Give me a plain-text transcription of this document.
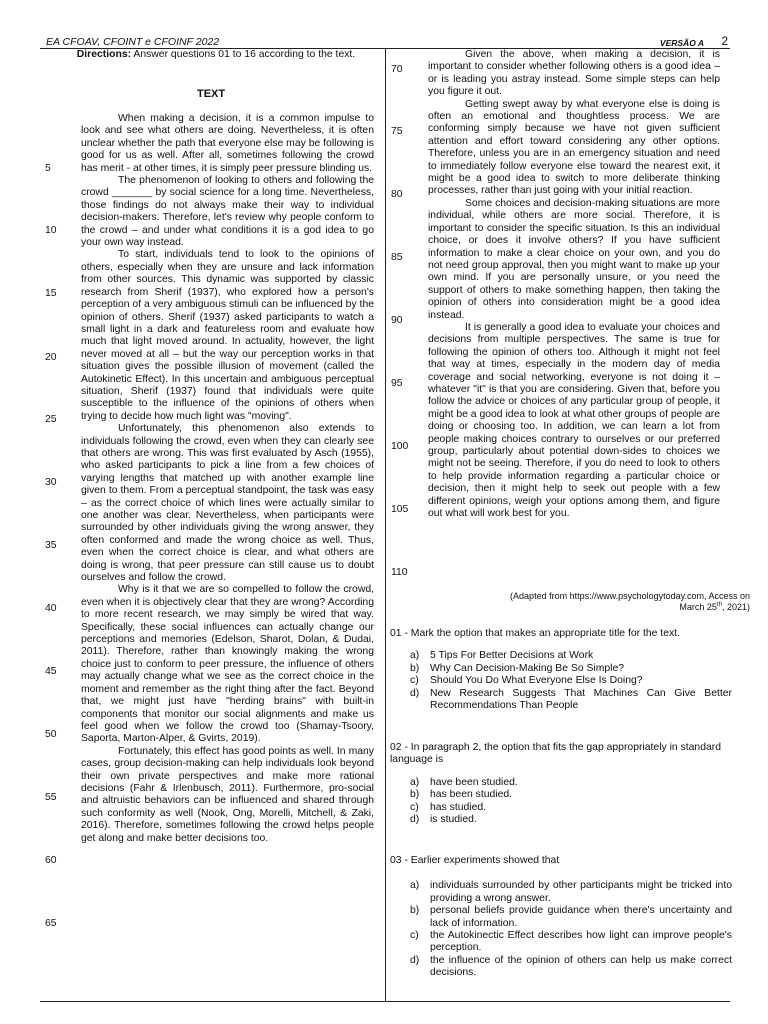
EA CFOAV, CFOINT e CFOINF 2022	VERSÃO A 2
Directions: Answer questions 01 to 16 according to the text.
TEXT
5
10
15
20
25
30
35
40
45
50
55
60
65
70
75
80
85
90
95
100
105
110

When making a decision, it is a common impulse to look and see what others are doing. Nevertheless, it is often unclear whether the path that everyone else may be following is good for us as well. After all, sometimes following the crowd has merit - at other times, it is simply peer pressure blinding us.

The phenomenon of looking to others and following the crowd _______ by social science for a long time. Nevertheless, those findings do not always make their way to individual decision-makers. Therefore, let's review why people conform to the crowd – and under what conditions it is a god idea to go your own way instead.

To start, individuals tend to look to the opinions of others, especially when they are unsure and lack information from other sources. This dynamic was supported by classic research from Sherif (1937), who explored how a person's perception of a very ambiguous stimuli can be influenced by the opinion of others. Sherif (1937) asked participants to watch a small light in a dark and featureless room and evaluate how much that light moved around. In actuality, however, the light never moved at all – but the way our perception works in that situation gives the possible illusion of movement (called the Autokinetic Effect). In this uncertain and ambiguous perceptual situation, Sherif (1937) found that individuals were quite susceptible to the influence of the opinions of others when trying to decide how much light was "moving".

Unfortunately, this phenomenon also extends to individuals following the crowd, even when they can clearly see that others are wrong. This was first evaluated by Asch (1955), who asked participants to pick a line from a few choices of varying lengths that matched up with another example line given to them. From a perceptual standpoint, the task was easy – as the correct choice of which lines were actually similar to one another was clear. Nevertheless, when participants were surrounded by other individuals giving the wrong answer, they often conformed and made the wrong choice as well. Thus, even when the correct choice is clear, and what others are doing is wrong, that peer pressure can still cause us to doubt ourselves and follow the crowd.

Why is it that we are so compelled to follow the crowd, even when it is objectively clear that they are wrong? According to more recent research, we may simply be wired that way. Specifically, these social influences can actually change our perceptions and memories (Edelson, Sharot, Dolan, & Dudai, 2011). Therefore, rather than knowingly making the wrong choice just to conform to peer pressure, the influence of others may actually change what we see as the correct choice in the moment and remember as the right thing after the fact. Beyond that, we might just have "herding brains" with built-in components that monitor our social alignments and make us feel good when we follow the crowd too (Shamay-Tsoory, Saporta, Marton-Alper, & Gvirts, 2019).

Fortunately, this effect has good points as well. In many cases, group decision-making can help individuals look beyond their own private perspectives and make more rational decisions (Fahr & Irlenbusch, 2011). Furthermore, pro-social and altruistic behaviors can be influenced and shared through such conformity as well (Nook, Ong, Morelli, Mitchell, & Zaki, 2016). Therefore, sometimes following the crowd helps people get along and make better decisions too.

Given the above, when making a decision, it is important to consider whether following others is a good idea – or is leading you astray instead. Some simple steps can help you figure it out.

Getting swept away by what everyone else is doing is often an emotional and thoughtless process. We are conforming simply because we have not given sufficient attention and effort toward considering any other options. Therefore, unless you are in an emergency situation and need to immediately follow everyone else toward the nearest exit, it might be a good idea to switch to more deliberate thinking processes, rather than just going with your initial reaction.

Some choices and decision-making situations are more individual, while others are more social. Therefore, it is important to consider the specific situation. Is this an individual choice, or does it involve others? If you have sufficient information to make a clear choice on your own, and you do not need group approval, then you might want to make up your own mind. If you are personally unsure, or you need the support of others to make something happen, then taking the opinion of others into consideration might be a good idea instead.

It is generally a good idea to evaluate your choices and decisions from multiple perspectives. The same is true for following the opinion of others too. Although it might not feel that way at times, especially in the modern day of media coverage and social networking, everyone is not doing it – whatever "it" is that you are considering. Given that, before you follow the advice or choices of any particular group of people, it might be a good idea to look at what other groups of people are doing or choosing too. In addition, we can learn a lot from people making choices contrary to ourselves or our preferred group, particularly about potential down-sides to choices we might not be seeing. Therefore, if you do need to look to others to help provide information regarding a particular choice or decision, then it might help to seek out people with a few different opinions, weigh your options among them, and figure out what will work best for you.

(Adapted from https://www.psychologytoday.com, Access on
March 25th, 2021)
01 - Mark the option that makes an appropriate title for the text.
a)	5 Tips For Better Decisions at Work
b)	Why Can Decision-Making Be So Simple?
c)	Should You Do What Everyone Else Is Doing?
d)	New Research Suggests That Machines Can Give Better Recommendations Than People
02 - In paragraph 2, the option that fits the gap appropriately in standard language is
a)	have been studied.
b)	has been studied.
c)	has studied.
d)	is studied.
03 - Earlier experiments showed that
a)	individuals surrounded by other participants might be tricked into providing a wrong answer.
b)	personal beliefs provide guidance when there's uncertainty and lack of information.
c)	the Autokinectic Effect describes how light can improve people's perception.
d)	the influence of the opinion of others can help us make correct decisions.
